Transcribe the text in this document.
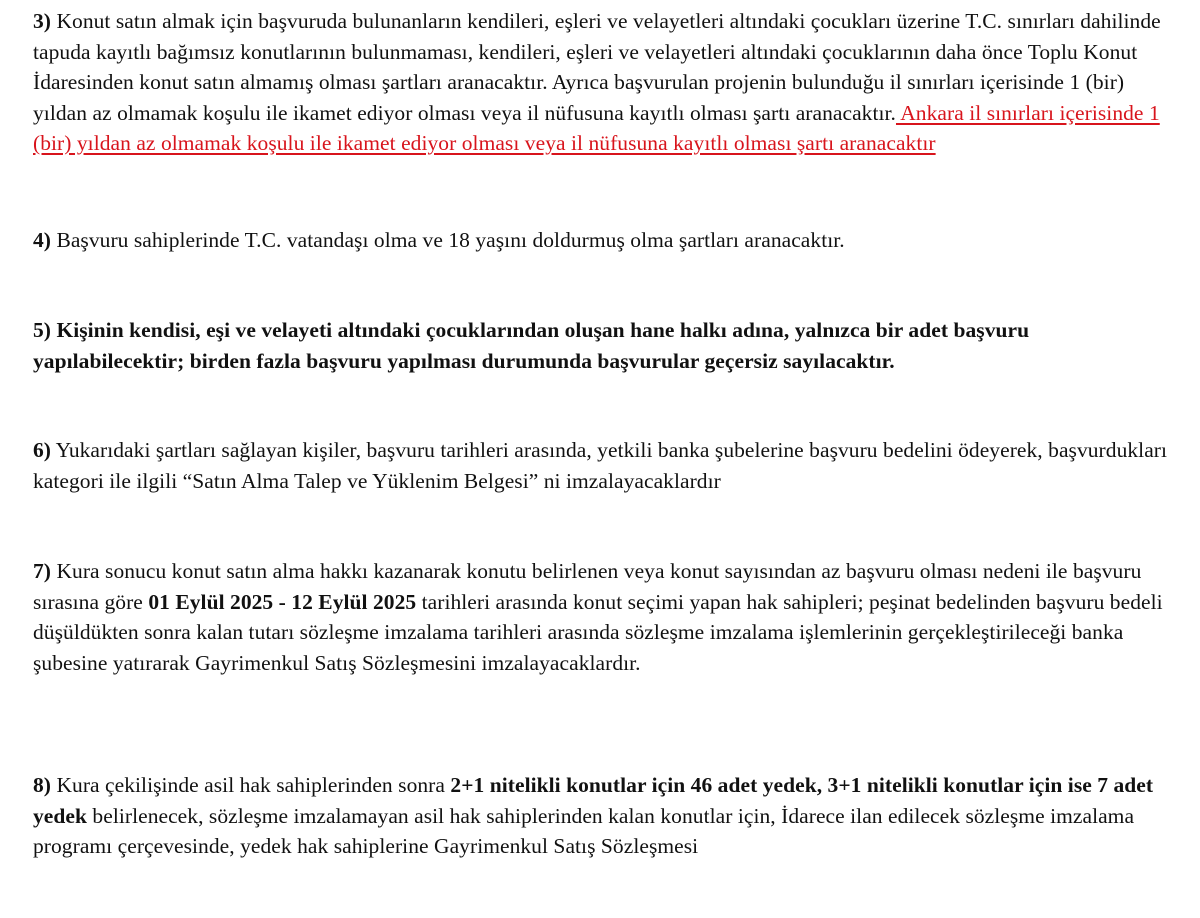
3) Konut satın almak için başvuruda bulunanların kendileri, eşleri ve velayetleri altındaki çocukları üzerine T.C. sınırları dahilinde tapuda kayıtlı bağımsız konutlarının bulunmaması, kendileri, eşleri ve velayetleri altındaki çocuklarının daha önce Toplu Konut İdaresinden konut satın almamış olması şartları aranacaktır. Ayrıca başvurulan projenin bulunduğu il sınırları içerisinde 1 (bir) yıldan az olmamak koşulu ile ikamet ediyor olması veya il nüfusuna kayıtlı olması şartı aranacaktır. Ankara il sınırları içerisinde 1 (bir) yıldan az olmamak koşulu ile ikamet ediyor olması veya il nüfusuna kayıtlı olması şartı aranacaktır
4) Başvuru sahiplerinde T.C. vatandaşı olma ve 18 yaşını doldurmuş olma şartları aranacaktır.
5) Kişinin kendisi, eşi ve velayeti altındaki çocuklarından oluşan hane halkı adına, yalnızca bir adet başvuru yapılabilecektir; birden fazla başvuru yapılması durumunda başvurular geçersiz sayılacaktır.
6) Yukarıdaki şartları sağlayan kişiler, başvuru tarihleri arasında, yetkili banka şubelerine başvuru bedelini ödeyerek, başvurdukları kategori ile ilgili “Satın Alma Talep ve Yüklenim Belgesi” ni imzalayacaklardır
7) Kura sonucu konut satın alma hakkı kazanarak konutu belirlenen veya konut sayısından az başvuru olması nedeni ile başvuru sırasına göre 01 Eylül 2025 - 12 Eylül 2025 tarihleri arasında konut seçimi yapan hak sahipleri; peşinat bedelinden başvuru bedeli düşüldükten sonra kalan tutarı sözleşme imzalama tarihleri arasında sözleşme imzalama işlemlerinin gerçekleştirileceği banka şubesine yatırarak Gayrimenkul Satış Sözleşmesini imzalayacaklardır.
8) Kura çekilişinde asil hak sahiplerinden sonra 2+1 nitelikli konutlar için 46 adet yedek, 3+1 nitelikli konutlar için ise 7 adet yedek belirlenecek, sözleşme imzalamayan asil hak sahiplerinden kalan konutlar için, İdarece ilan edilecek sözleşme imzalama programı çerçevesinde, yedek hak sahiplerine Gayrimenkul Satış Sözleşmesi
